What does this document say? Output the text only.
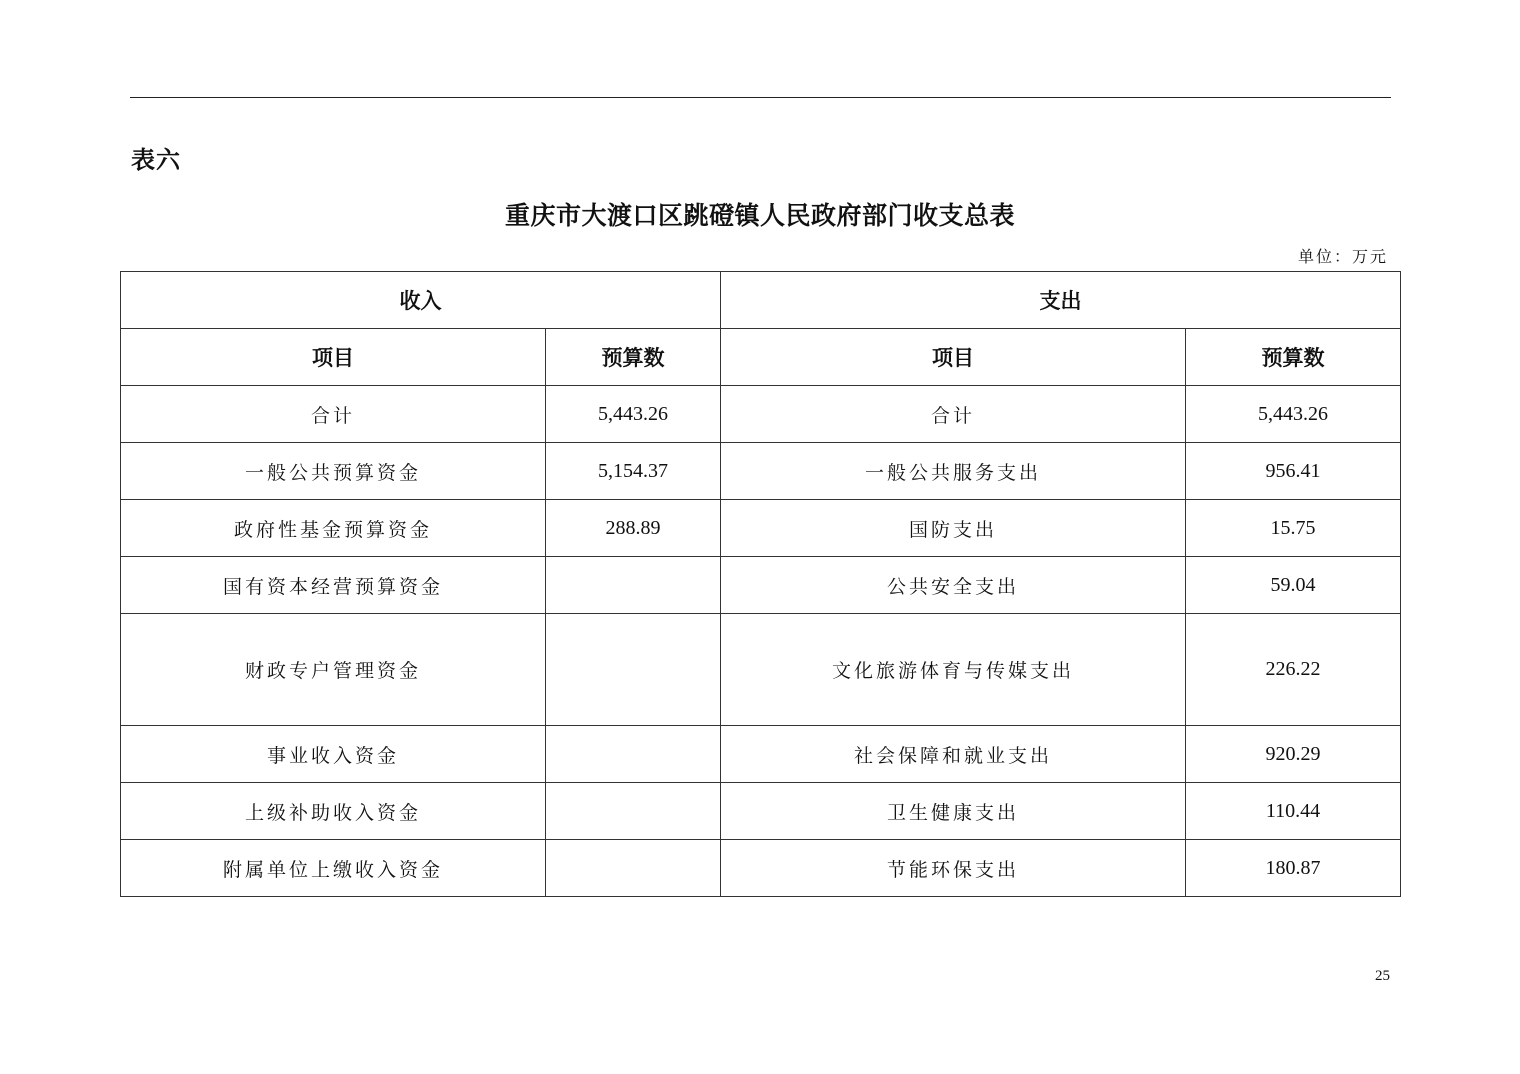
表六
重庆市大渡口区跳磴镇人民政府部门收支总表
单位：万元
收入		支出	
项目	预算数	项目	预算数
合计	5,443.26	合计	5,443.26
一般公共预算资金	5,154.37	一般公共服务支出	956.41
政府性基金预算资金	288.89	国防支出	15.75
国有资本经营预算资金		公共安全支出	59.04
财政专户管理资金		文化旅游体育与传媒支出	226.22
事业收入资金		社会保障和就业支出	920.29
上级补助收入资金		卫生健康支出	110.44
附属单位上缴收入资金		节能环保支出	180.87
25
